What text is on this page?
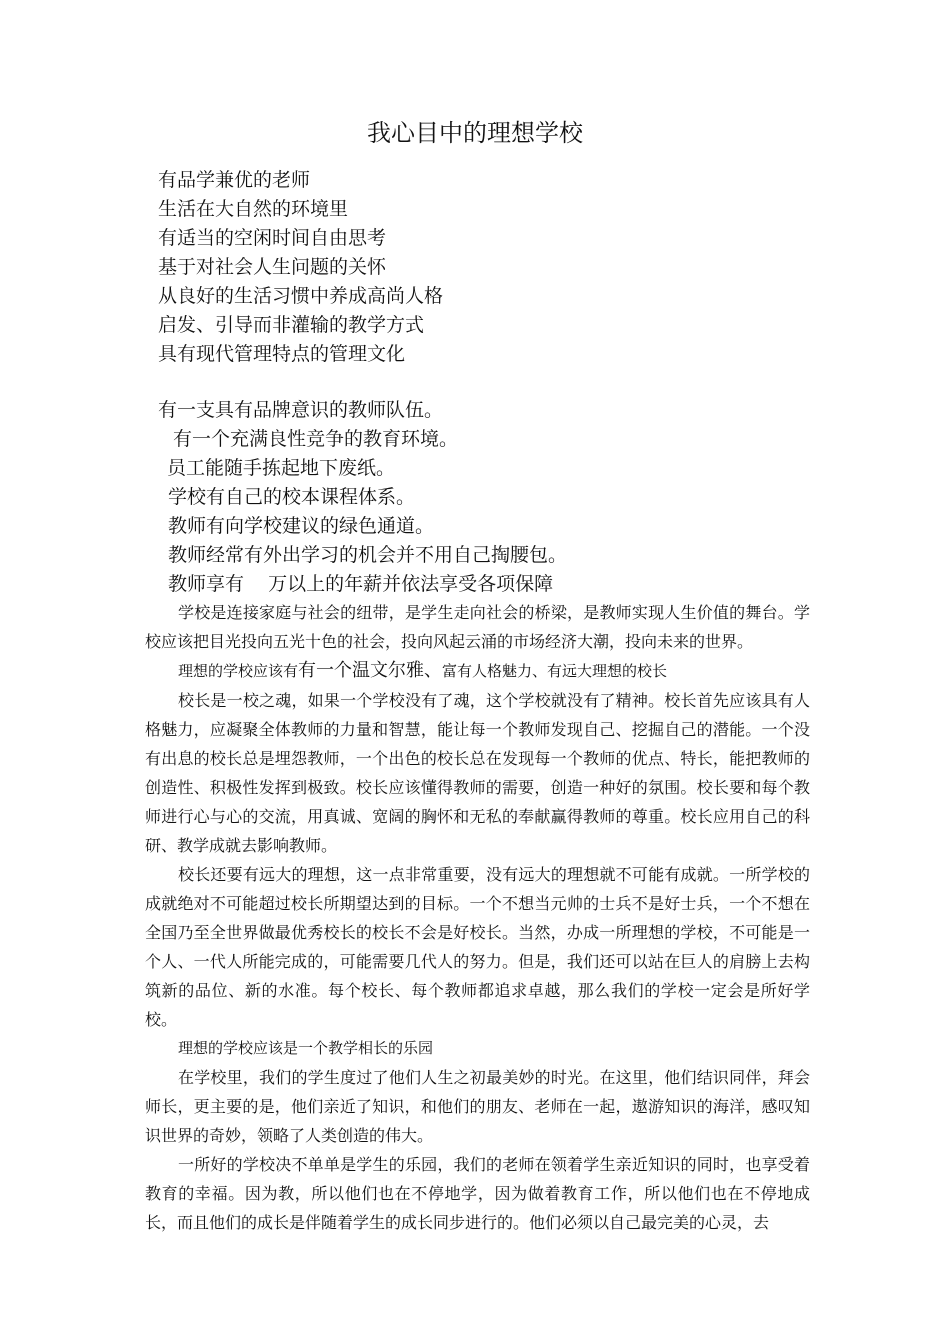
我心目中的理想学校
有品学兼优的老师
生活在大自然的环境里
有适当的空闲时间自由思考
基于对社会人生问题的关怀
从良好的生活习惯中养成高尚人格
启发、引导而非灌输的教学方式
具有现代管理特点的管理文化
有一支具有品牌意识的教师队伍。
有一个充满良性竞争的教育环境。
员工能随手拣起地下废纸。
学校有自己的校本课程体系。
教师有向学校建议的绿色通道。
教师经常有外出学习的机会并不用自己掏腰包。
教师享有    万以上的年薪并依法享受各项保障

学校是连接家庭与社会的纽带，是学生走向社会的桥梁，是教师实现人生价值的舞台。学校应该把目光投向五光十色的社会，投向风起云涌的市场经济大潮，投向未来的世界。

理想的学校应该有有一个温文尔雅、富有人格魅力、有远大理想的校长

校长是一校之魂，如果一个学校没有了魂，这个学校就没有了精神。校长首先应该具有人格魅力，应凝聚全体教师的力量和智慧，能让每一个教师发现自己、挖掘自己的潜能。一个没有出息的校长总是埋怨教师，一个出色的校长总在发现每一个教师的优点、特长，能把教师的创造性、积极性发挥到极致。校长应该懂得教师的需要，创造一种好的氛围。校长要和每个教师进行心与心的交流，用真诚、宽阔的胸怀和无私的奉献赢得教师的尊重。校长应用自己的科研、教学成就去影响教师。

校长还要有远大的理想，这一点非常重要，没有远大的理想就不可能有成就。一所学校的成就绝对不可能超过校长所期望达到的目标。一个不想当元帅的士兵不是好士兵，一个不想在全国乃至全世界做最优秀校长的校长不会是好校长。当然，办成一所理想的学校，不可能是一个人、一代人所能完成的，可能需要几代人的努力。但是，我们还可以站在巨人的肩膀上去构筑新的品位、新的水准。每个校长、每个教师都追求卓越，那么我们的学校一定会是所好学校。

理想的学校应该是一个教学相长的乐园

在学校里，我们的学生度过了他们人生之初最美妙的时光。在这里，他们结识同伴，拜会师长，更主要的是，他们亲近了知识，和他们的朋友、老师在一起，遨游知识的海洋，感叹知识世界的奇妙，领略了人类创造的伟大。

一所好的学校决不单单是学生的乐园，我们的老师在领着学生亲近知识的同时，也享受着教育的幸福。因为教，所以他们也在不停地学，因为做着教育工作，所以他们也在不停地成长，而且他们的成长是伴随着学生的成长同步进行的。他们必须以自己最完美的心灵，去
